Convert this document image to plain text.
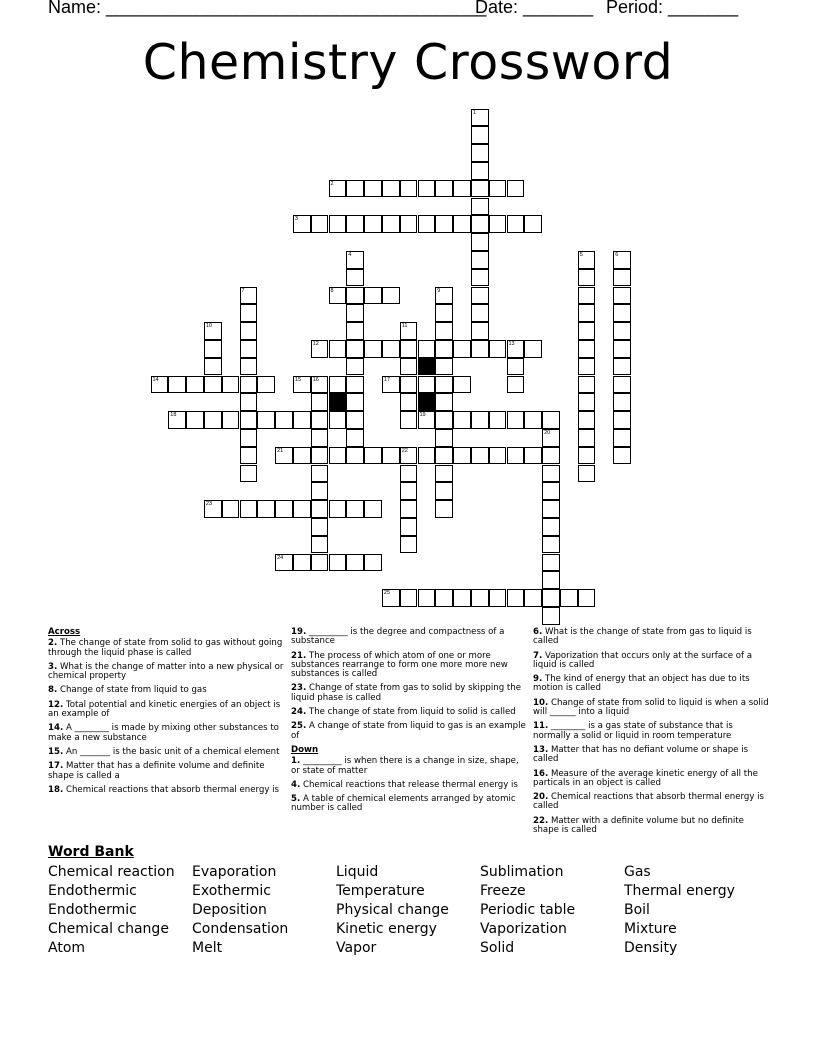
Name: ______________________________________
Date: _______ Period: _______
Chemistry Crossword
1
2
3
4	5	6
7	8	9
10	11
12	13
14	15 16	17
18	19
20
21	22
23
24
25
Across
2. The change of state from solid to gas without going through the liquid phase is called
3. What is the change of matter into a new physical or chemical property
8. Change of state from liquid to gas
12. Total potential and kinetic energies of an object is an example of
14. A ________ is made by mixing other substances to make a new substance
15. An _______ is the basic unit of a chemical element
17. Matter that has a definite volume and definite shape is called a
18. Chemical reactions that absorb thermal energy is
19. _________ is the degree and compactness of a substance
21. The process of which atom of one or more substances rearrange to form one more more new substances is called
23. Change of state from gas to solid by skipping the liquid phase is called
24. The change of state from liquid to solid is called
25. A change of state from liquid to gas is an example of
Down
1. _________ is when there is a change in size, shape, or state of matter
4. Chemical reactions that release thermal energy is
5. A table of chemical elements arranged by atomic number is called
6. What is the change of state from gas to liquid is called
7. Vaporization that occurs only at the surface of a liquid is called
9. The kind of energy that an object has due to its motion is called
10. Change of state from solid to liquid is when a solid will ______ into a liquid
11. ________ is a gas state of substance that is normally a solid or liquid in room temperature
13. Matter that has no defiant volume or shape is called
16. Measure of the average kinetic energy of all the particals in an object is called
20. Chemical reactions that absorb thermal energy is called
22. Matter with a definite volume but no definite shape is called
Word Bank
Chemical reaction
Endothermic
Endothermic
Chemical change
Atom
Evaporation
Exothermic
Deposition
Condensation
Melt
Liquid
Temperature
Physical change
Kinetic energy
Vapor
Sublimation
Freeze
Periodic table
Vaporization
Solid
Gas
Thermal energy
Boil
Mixture
Density
